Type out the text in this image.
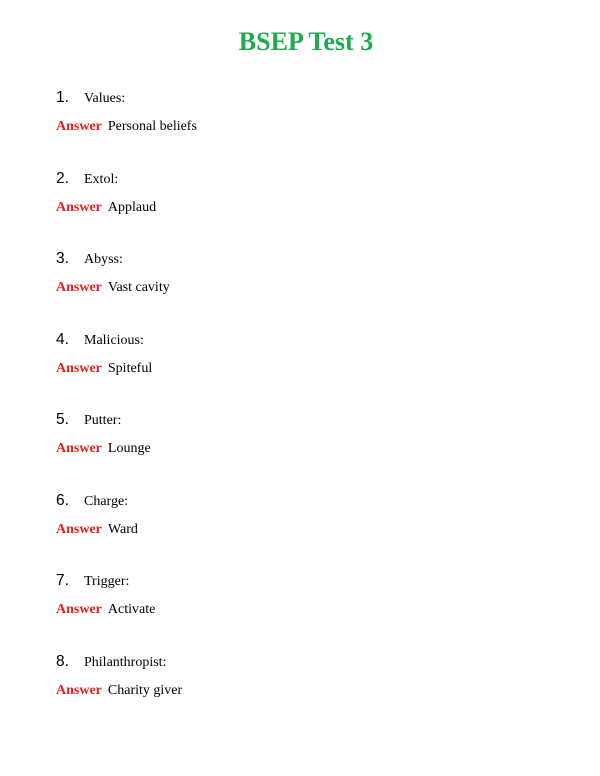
BSEP Test 3
1. Values:
Answer Personal beliefs
2. Extol:
Answer Applaud
3. Abyss:
Answer Vast cavity
4. Malicious:
Answer Spiteful
5. Putter:
Answer Lounge
6. Charge:
Answer Ward
7. Trigger:
Answer Activate
8. Philanthropist:
Answer Charity giver
